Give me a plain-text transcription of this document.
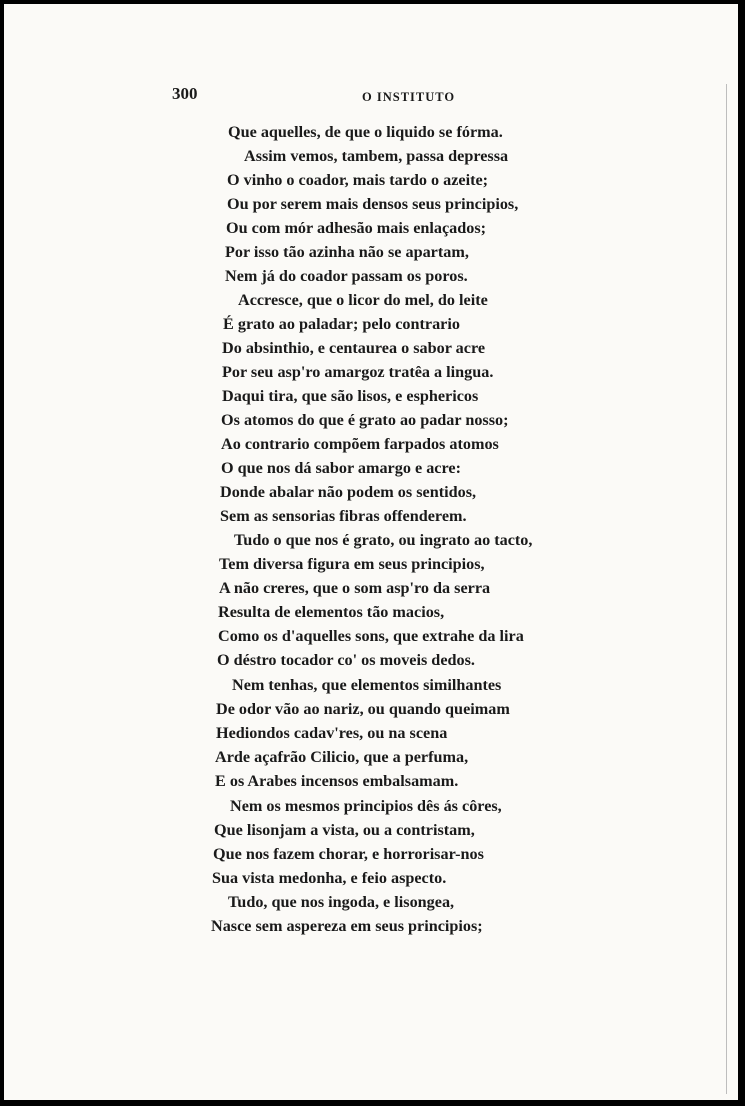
300	O INSTITUTO
Que aquelles, de que o liquido se fórma.
Assim vemos, tambem, passa depressa
O vinho o coador, mais tardo o azeite;
Ou por serem mais densos seus principios,
Ou com mór adhesão mais enlaçados;
Por isso tão azinha não se apartam,
Nem já do coador passam os poros.
Accresce, que o licor do mel, do leite
É grato ao paladar; pelo contrario
Do absinthio, e centaurea o sabor acre
Por seu asp'ro amargoz tratêa a lingua.
Daqui tira, que são lisos, e esphericos
Os atomos do que é grato ao padar nosso;
Ao contrario compõem farpados atomos
O que nos dá sabor amargo e acre:
Donde abalar não podem os sentidos,
Sem as sensorias fibras offenderem.
Tudo o que nos é grato, ou ingrato ao tacto,
Tem diversa figura em seus principios,
A não creres, que o som asp'ro da serra
Resulta de elementos tão macios,
Como os d'aquelles sons, que extrahe da lira
O déstro tocador co' os moveis dedos.
Nem tenhas, que elementos similhantes
De odor vão ao nariz, ou quando queimam
Hediondos cadav'res, ou na scena
Arde açafrão Cilicio, que a perfuma,
E os Arabes incensos embalsamam.
Nem os mesmos principios dês ás côres,
Que lisonjam a vista, ou a contristam,
Que nos fazem chorar, e horrorisar-nos
Sua vista medonha, e feio aspecto.
Tudo, que nos ingoda, e lisongea,
Nasce sem aspereza em seus principios;
